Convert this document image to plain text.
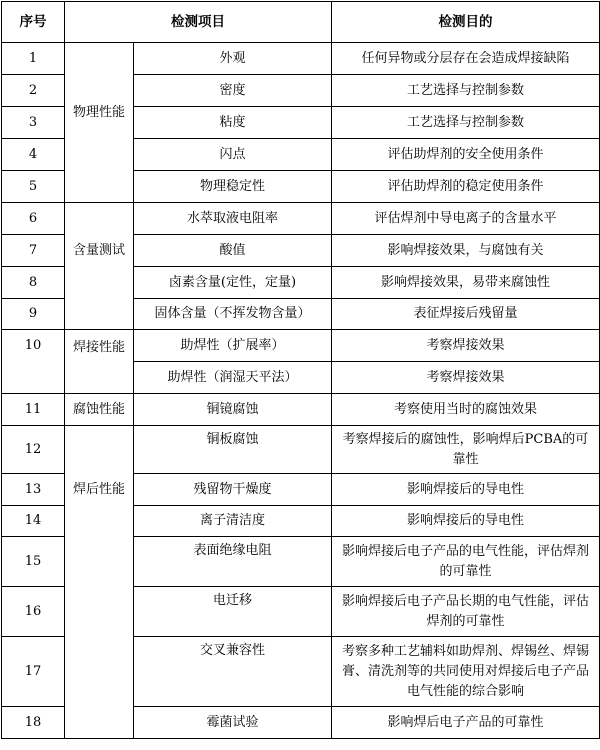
序号	检测项目		检测目的
1	物理性能	外观	任何异物或分层存在会造成焊接缺陷
2		密度	工艺选择与控制参数
3		粘度	工艺选择与控制参数
4		闪点	评估助焊剂的安全使用条件
5		物理稳定性	评估助焊剂的稳定使用条件
6	含量测试	水萃取液电阻率	评估焊剂中导电离子的含量水平
7		酸值	影响焊接效果，与腐蚀有关
8		卤素含量(定性，定量)	影响焊接效果，易带来腐蚀性
9		固体含量（不挥发物含量）	表征焊接后残留量
10	焊接性能	助焊性（扩展率）	考察焊接效果
		助焊性（润湿天平法）	考察焊接效果
11	腐蚀性能	铜镜腐蚀	考察使用当时的腐蚀效果
12		铜板腐蚀	考察焊接后的腐蚀性，影响焊后PCBA的可靠性
13	焊后性能	残留物干燥度	影响焊接后的导电性
14		离子清洁度	影响焊接后的导电性
15		表面绝缘电阻	影响焊接后电子产品的电气性能，评估焊剂的可靠性
16		电迁移	影响焊接后电子产品长期的电气性能，评估焊剂的可靠性
17		交叉兼容性	考察多种工艺辅料如助焊剂、焊锡丝、焊锡膏、清洗剂等的共同使用对焊接后电子产品电气性能的综合影响
18		霉菌试验	影响焊后电子产品的可靠性
